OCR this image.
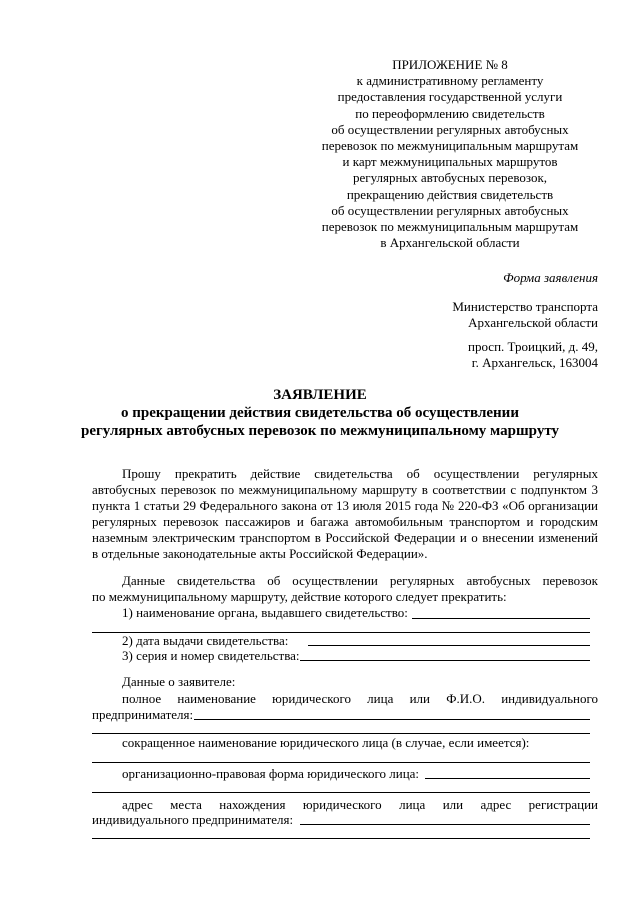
ПРИЛОЖЕНИЕ № 8
к административному регламенту
предоставления государственной услуги
по переоформлению свидетельств
об осуществлении регулярных автобусных
перевозок по межмуниципальным маршрутам
и карт межмуниципальных маршрутов
регулярных автобусных перевозок,
прекращению действия свидетельств
об осуществлении регулярных автобусных
перевозок по межмуниципальным маршрутам
в Архангельской области
Форма заявления
Министерство транспорта
Архангельской области
просп. Троицкий, д. 49,
г. Архангельск, 163004
ЗАЯВЛЕНИЕ
о прекращении действия свидетельства об осуществлении
регулярных автобусных перевозок по межмуниципальному маршруту
Прошу прекратить действие свидетельства об осуществлении регулярных
автобусных перевозок по межмуниципальному маршруту в соответствии с подпунктом 3
пункта 1 статьи 29 Федерального закона от 13 июля 2015 года № 220-ФЗ «Об организации
регулярных перевозок пассажиров и багажа автомобильным транспортом и городским
наземным электрическим транспортом в Российской Федерации и о внесении изменений
в отдельные законодательные акты Российской Федерации».
Данные свидетельства об осуществлении регулярных автобусных перевозок
по межмуниципальному маршруту, действие которого следует прекратить:
1) наименование органа, выдавшего свидетельство:
2) дата выдачи свидетельства:
3) серия и номер свидетельства:
Данные о заявителе:
полное наименование юридического лица или Ф.И.О. индивидуального
предпринимателя:
сокращенное наименование юридического лица (в случае, если имеется):
организационно-правовая форма юридического лица:
адрес места нахождения юридического лица или адрес регистрации
индивидуального предпринимателя:
